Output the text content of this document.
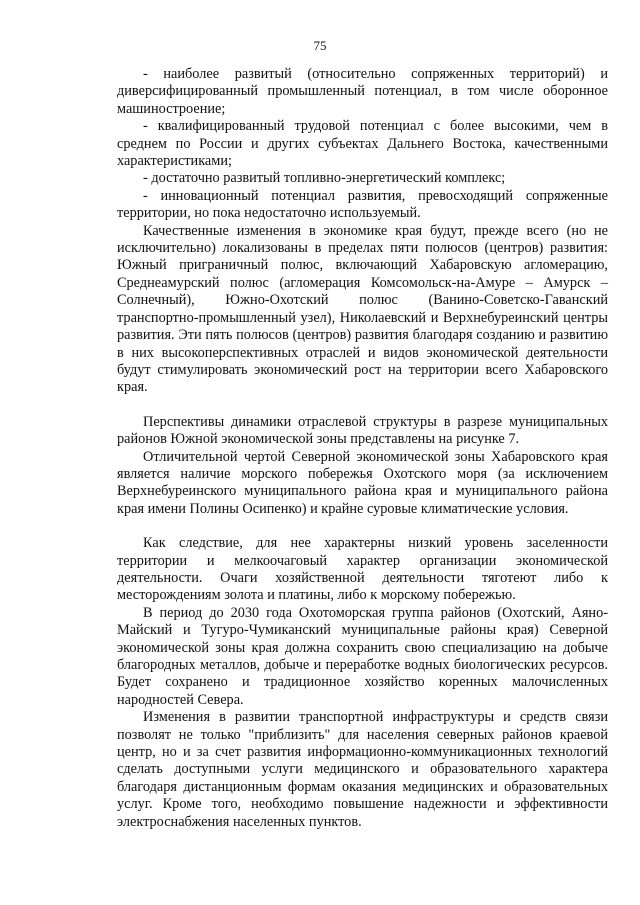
75

- наиболее развитый (относительно сопряженных территорий) и диверсифицированный промышленный потенциал, в том числе оборонное машиностроение;

- квалифицированный трудовой потенциал с более высокими, чем в среднем по России и других субъектах Дальнего Востока, качественными характеристиками;

- достаточно развитый топливно-энергетический комплекс;

- инновационный потенциал развития, превосходящий сопряженные территории, но пока недостаточно используемый.

Качественные изменения в экономике края будут, прежде всего (но не исключительно) локализованы в пределах пяти полюсов (центров) развития: Южный приграничный полюс, включающий Хабаровскую агломерацию, Среднеамурский полюс (агломерация Комсомольск-на-Амуре – Амурск – Солнечный), Южно-Охотский полюс (Ванино-Советско-Гаванский транспортно-промышленный узел), Николаевский и Верхнебуреинский центры развития. Эти пять полюсов (центров) развития благодаря созданию и развитию в них высокоперспективных отраслей и видов экономической деятельности будут стимулировать экономический рост на территории всего Хабаровского края.

Перспективы динамики отраслевой структуры в разрезе муниципальных районов Южной экономической зоны представлены на рисунке 7.

Отличительной чертой Северной экономической зоны Хабаровского края является наличие морского побережья Охотского моря (за исключением Верхнебуреинского муниципального района края и муниципального района края имени Полины Осипенко) и крайне суровые климатические условия.

Как следствие, для нее характерны низкий уровень заселенности территории и мелкоочаговый характер организации экономической деятельности. Очаги хозяйственной деятельности тяготеют либо к месторождениям золота и платины, либо к морскому побережью.

В период до 2030 года Охотоморская группа районов (Охотский, Аяно-Майский и Тугуро-Чумиканский муниципальные районы края) Северной экономической зоны края должна сохранить свою специализацию на добыче благородных металлов, добыче и переработке водных биологических ресурсов. Будет сохранено и традиционное хозяйство коренных малочисленных народностей Севера.

Изменения в развитии транспортной инфраструктуры и средств связи позволят не только "приблизить" для населения северных районов краевой центр, но и за счет развития информационно-коммуникационных технологий сделать доступными услуги медицинского и образовательного характера благодаря дистанционным формам оказания медицинских и образовательных услуг. Кроме того, необходимо повышение надежности и эффективности электроснабжения населенных пунктов.
